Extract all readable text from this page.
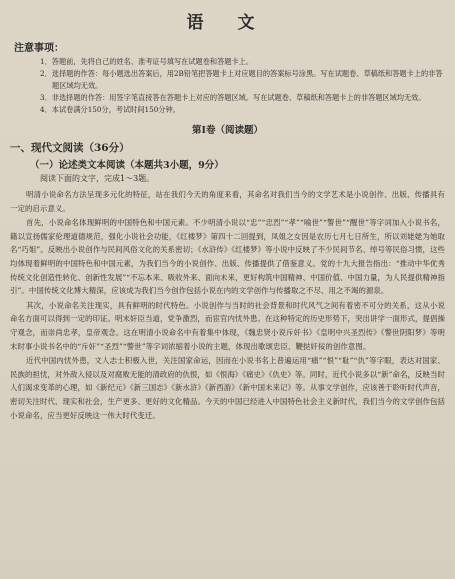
语 文
注意事项：
1．答题前，先将自己的姓名、准考证号填写在试题卷和答题卡上。
2．选择题的作答：每小题选出答案后，用2B铅笔把答题卡上对应题目的答案标号涂黑。写在试题卷、草稿纸和答题卡上的非答题区域均无效。
3．非选择题的作答：用签字笔直接答在答题卡上对应的答题区域。写在试题卷、草稿纸和答题卡上的非答题区域均无效。
4．本试卷满分150分，考试时间150分钟。
第Ⅰ卷（阅读题）
一、现代文阅读（36分）
（一）论述类文本阅读（本题共3小题，9分）
阅读下面的文字，完成1～3题。

明清小说命名方法呈现多元化的特征，站在我们今天的角度来看，其命名对我们当今的文学艺术是小说创作、出版、传播具有一定的启示意义。

首先，小说命名体现鲜明的中国特色和中国元素。不少明清小说以“忠”“忠烈”“孝”“喻世”“警世”“醒世”等字词加入小说书名，籍以宣扬儒家伦理道德规范，强化小说社会功能，《红楼梦》第四十二回提到，凤姐之女因是农历七月七日所生，所以刘姥姥为她取名“巧姐”。反映出小说创作与民间风俗文化的关系密切；《水浒传》《红楼梦》等小说中反映了不少民间节名、绰号等民俗习惯，这些均体现着鲜明的中国特色和中国元素，为我们当今的小说创作、出版、传播提供了借鉴意义。党的十九大报告指出：“推动中华优秀传统文化创造性转化、创新性发展”“不忘本来、吸收外来、面向未来，更好构筑中国精神、中国价值、中国力量，为人民提供精神指引”。中国传统文化博大精深，应该成为我们当今创作包括小说在内的文学创作与传播取之不尽、用之不竭的源泉。

其次，小说命名关注现实，具有鲜明的时代特色。小说创作与当时的社会背景和时代风气之间有着密不可分的关系，这从小说命名方面可以得到一定的印证。明末奸臣当道，党争激烈，而宦官内忧外患。在这种特定的历史形势下，突出讲学一面形式，提倡操守观念，而崇尚忠孝，皇帝观念。这在明清小说命名中有着集中体现，《魏忠贤小说斥奸书》《皇明中兴圣烈传》《警世阴阳梦》等明末时事小说书名中的“斥奸”“圣烈”“警世”等字词浓缩着小说的主题，体现出歌颂忠臣、鞭挞奸佞的创作意图。

近代中国内忧外患，文人志士积极入世，关注国家命运，因而在小说书名上普遍运用“痛”“恨”“耻”“仇”等字眼，表达对国家、民族的担忧，对外敌入侵以及对腐败无能的清政府的仇恨，如《恨海》《痛史》《仇史》等。同时，近代小说多以“新”命名，反映当时人们渴求变革的心理，如《新纪元》《新三国志》《新水浒》《新西游》《新中国未来记》等。从事文学创作，应该善于聆听时代声音，密切关注时代、现实和社会，生产更多、更好的文化精品。今天的中国已经进入中国特色社会主义新时代，我们当今的文学创作包括小说命名，应当更好反映这一伟大时代变迁。
